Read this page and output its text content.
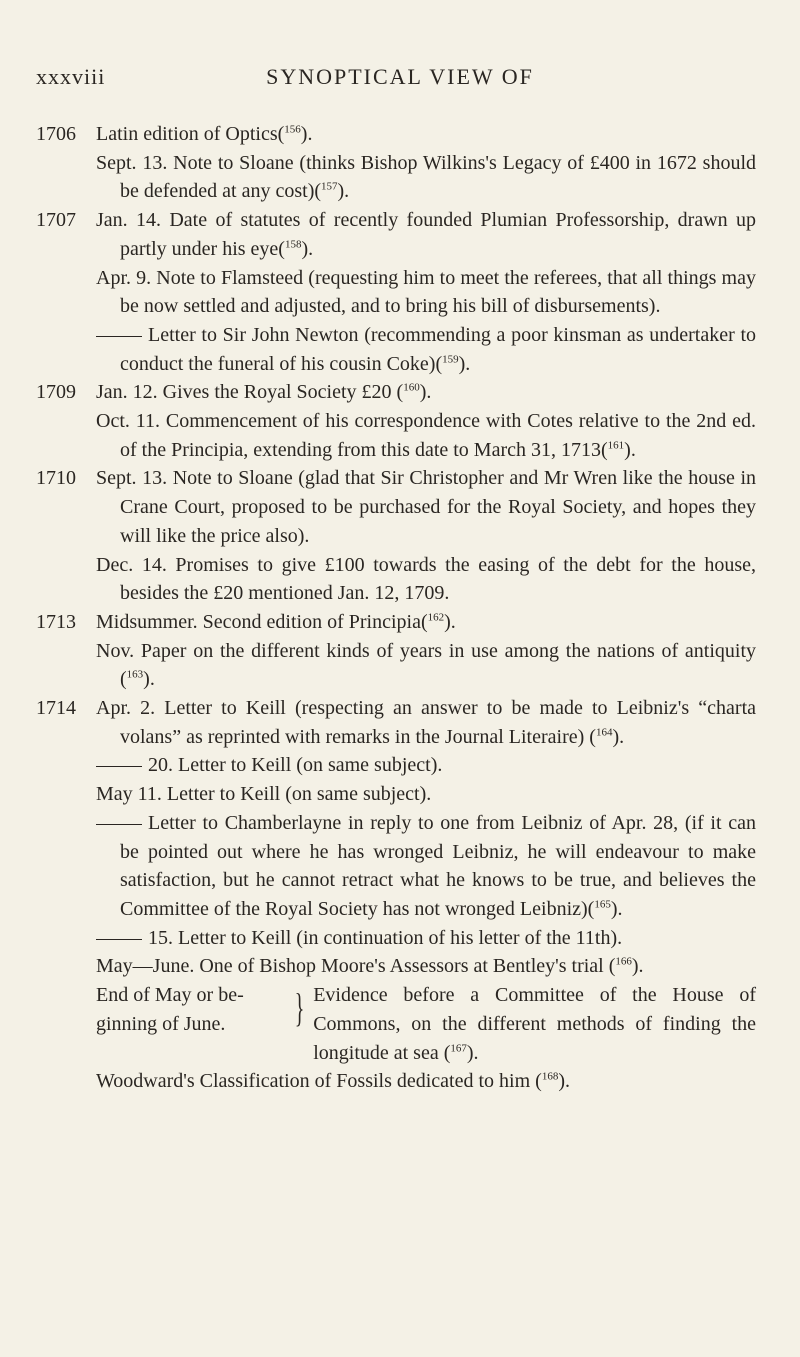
xxxviii	SYNOPTICAL VIEW OF
1706	Latin edition of Optics($^{156}$).
Sept. 13. Note to Sloane (thinks Bishop Wilkins's Legacy of £400 in 1672 should be defended at any cost)($^{157}$).
1707	Jan. 14. Date of statutes of recently founded Plumian Professorship, drawn up partly under his eye($^{158}$).
Apr. 9. Note to Flamsteed (requesting him to meet the referees, that all things may be now settled and adjusted, and to bring his bill of disbursements).
Letter to Sir John Newton (recommending a poor kinsman as undertaker to conduct the funeral of his cousin Coke)($^{159}$).
1709	Jan. 12. Gives the Royal Society £20 ($^{160}$).
Oct. 11. Commencement of his correspondence with Cotes relative to the 2nd ed. of the Principia, extending from this date to March 31, 1713($^{161}$).
1710	Sept. 13. Note to Sloane (glad that Sir Christopher and Mr Wren like the house in Crane Court, proposed to be purchased for the Royal Society, and hopes they will like the price also).
Dec. 14. Promises to give £100 towards the easing of the debt for the house, besides the £20 mentioned Jan. 12, 1709.
1713	Midsummer. Second edition of Principia($^{162}$).
Nov. Paper on the different kinds of years in use among the nations of antiquity ($^{163}$).
1714	Apr. 2. Letter to Keill (respecting an answer to be made to Leibniz's “charta volans” as reprinted with remarks in the Journal Literaire) ($^{164}$).
20. Letter to Keill (on same subject).
May 11. Letter to Keill (on same subject).
Letter to Chamberlayne in reply to one from Leibniz of Apr. 28, (if it can be pointed out where he has wronged Leibniz, he will endeavour to make satisfaction, but he cannot retract what he knows to be true, and believes the Committee of the Royal Society has not wronged Leibniz)($^{165}$).
15. Letter to Keill (in continuation of his letter of the 11th).
May—June. One of Bishop Moore's Assessors at Bentley's trial ($^{166}$).
End of May or be-
ginning of June.	} Evidence before a Committee of the House of Commons, on the different methods of finding the longitude at sea ($^{167}$).
Woodward's Classification of Fossils dedicated to him ($^{168}$).
